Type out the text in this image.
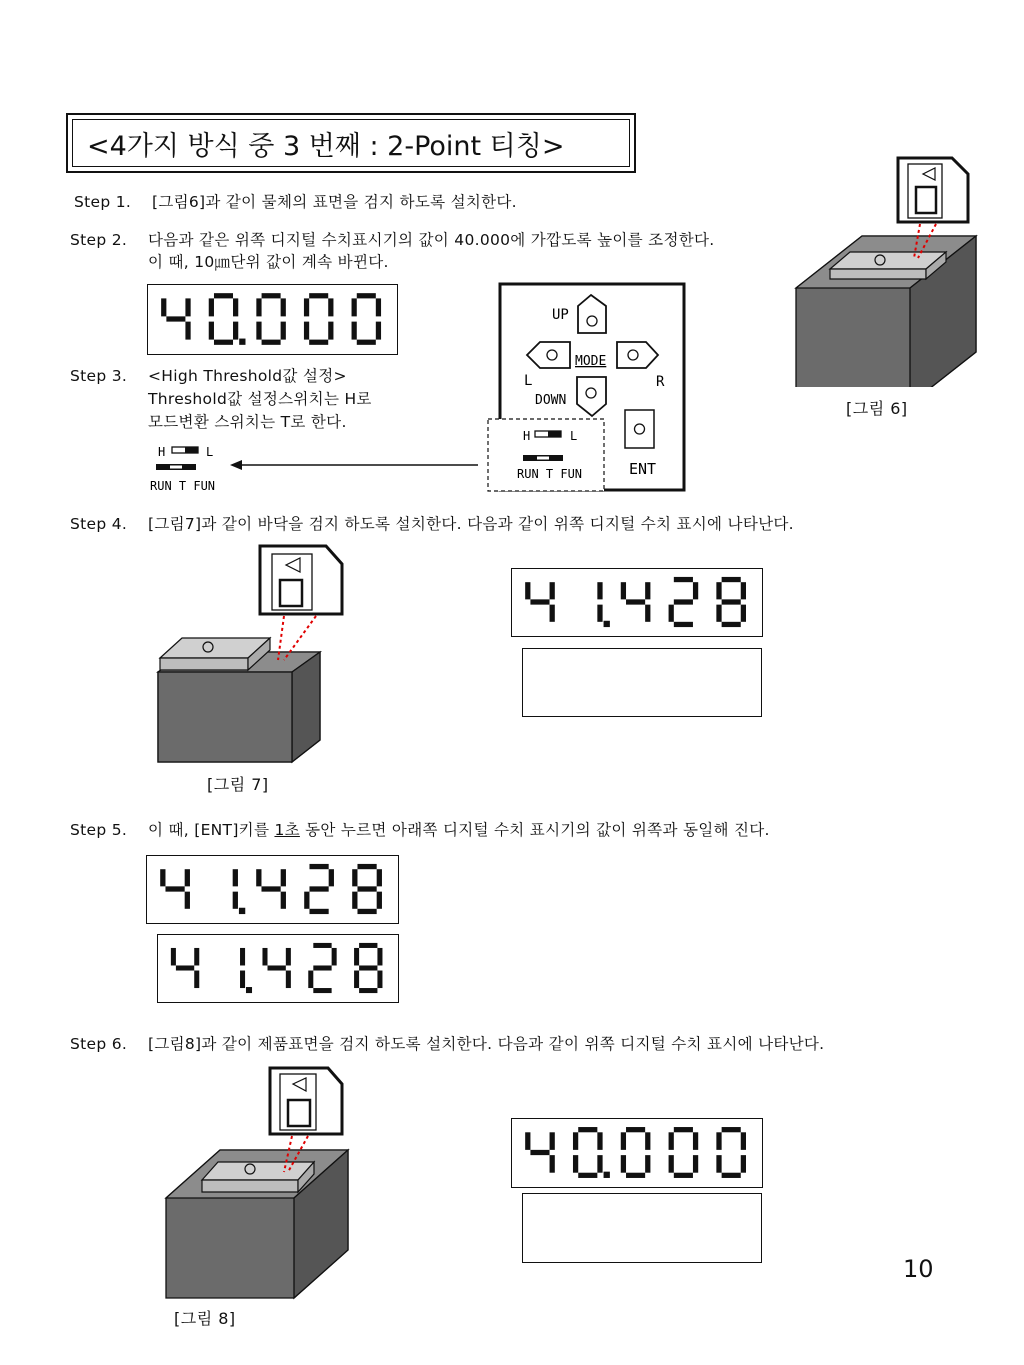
<4가지 방식 중 3 번째 : 2-Point 티칭>
Step 1. [그림6]과 같이 물체의 표면을 검지 하도록 설치한다.
Step 2. 다음과 같은 위쪽 디지털 수치표시기의 값이 40.000에 가깝도록 높이를 조정한다.
이 때, 10㎛단위 값이 계속 바뀐다.
Step 3. <High Threshold값 설정>
Threshold값 설정스위치는 H로
모드변환 스위치는 T로 한다.
H	L
RUN T FUN
UP
L
MODE
R
DOWN
H	L
RUN T FUN	ENT
[그림 6]
Step 4. [그림7]과 같이 바닥을 검지 하도록 설치한다. 다음과 같이 위쪽 디지털 수치 표시에 나타난다.
[그림 7]
Step 5. 이 때, [ENT]키를 1초 동안 누르면 아래쪽 디지털 수치 표시기의 값이 위쪽과 동일해 진다.
Step 6. [그림8]과 같이 제품표면을 검지 하도록 설치한다. 다음과 같이 위쪽 디지털 수치 표시에 나타난다.
[그림 8]
10
